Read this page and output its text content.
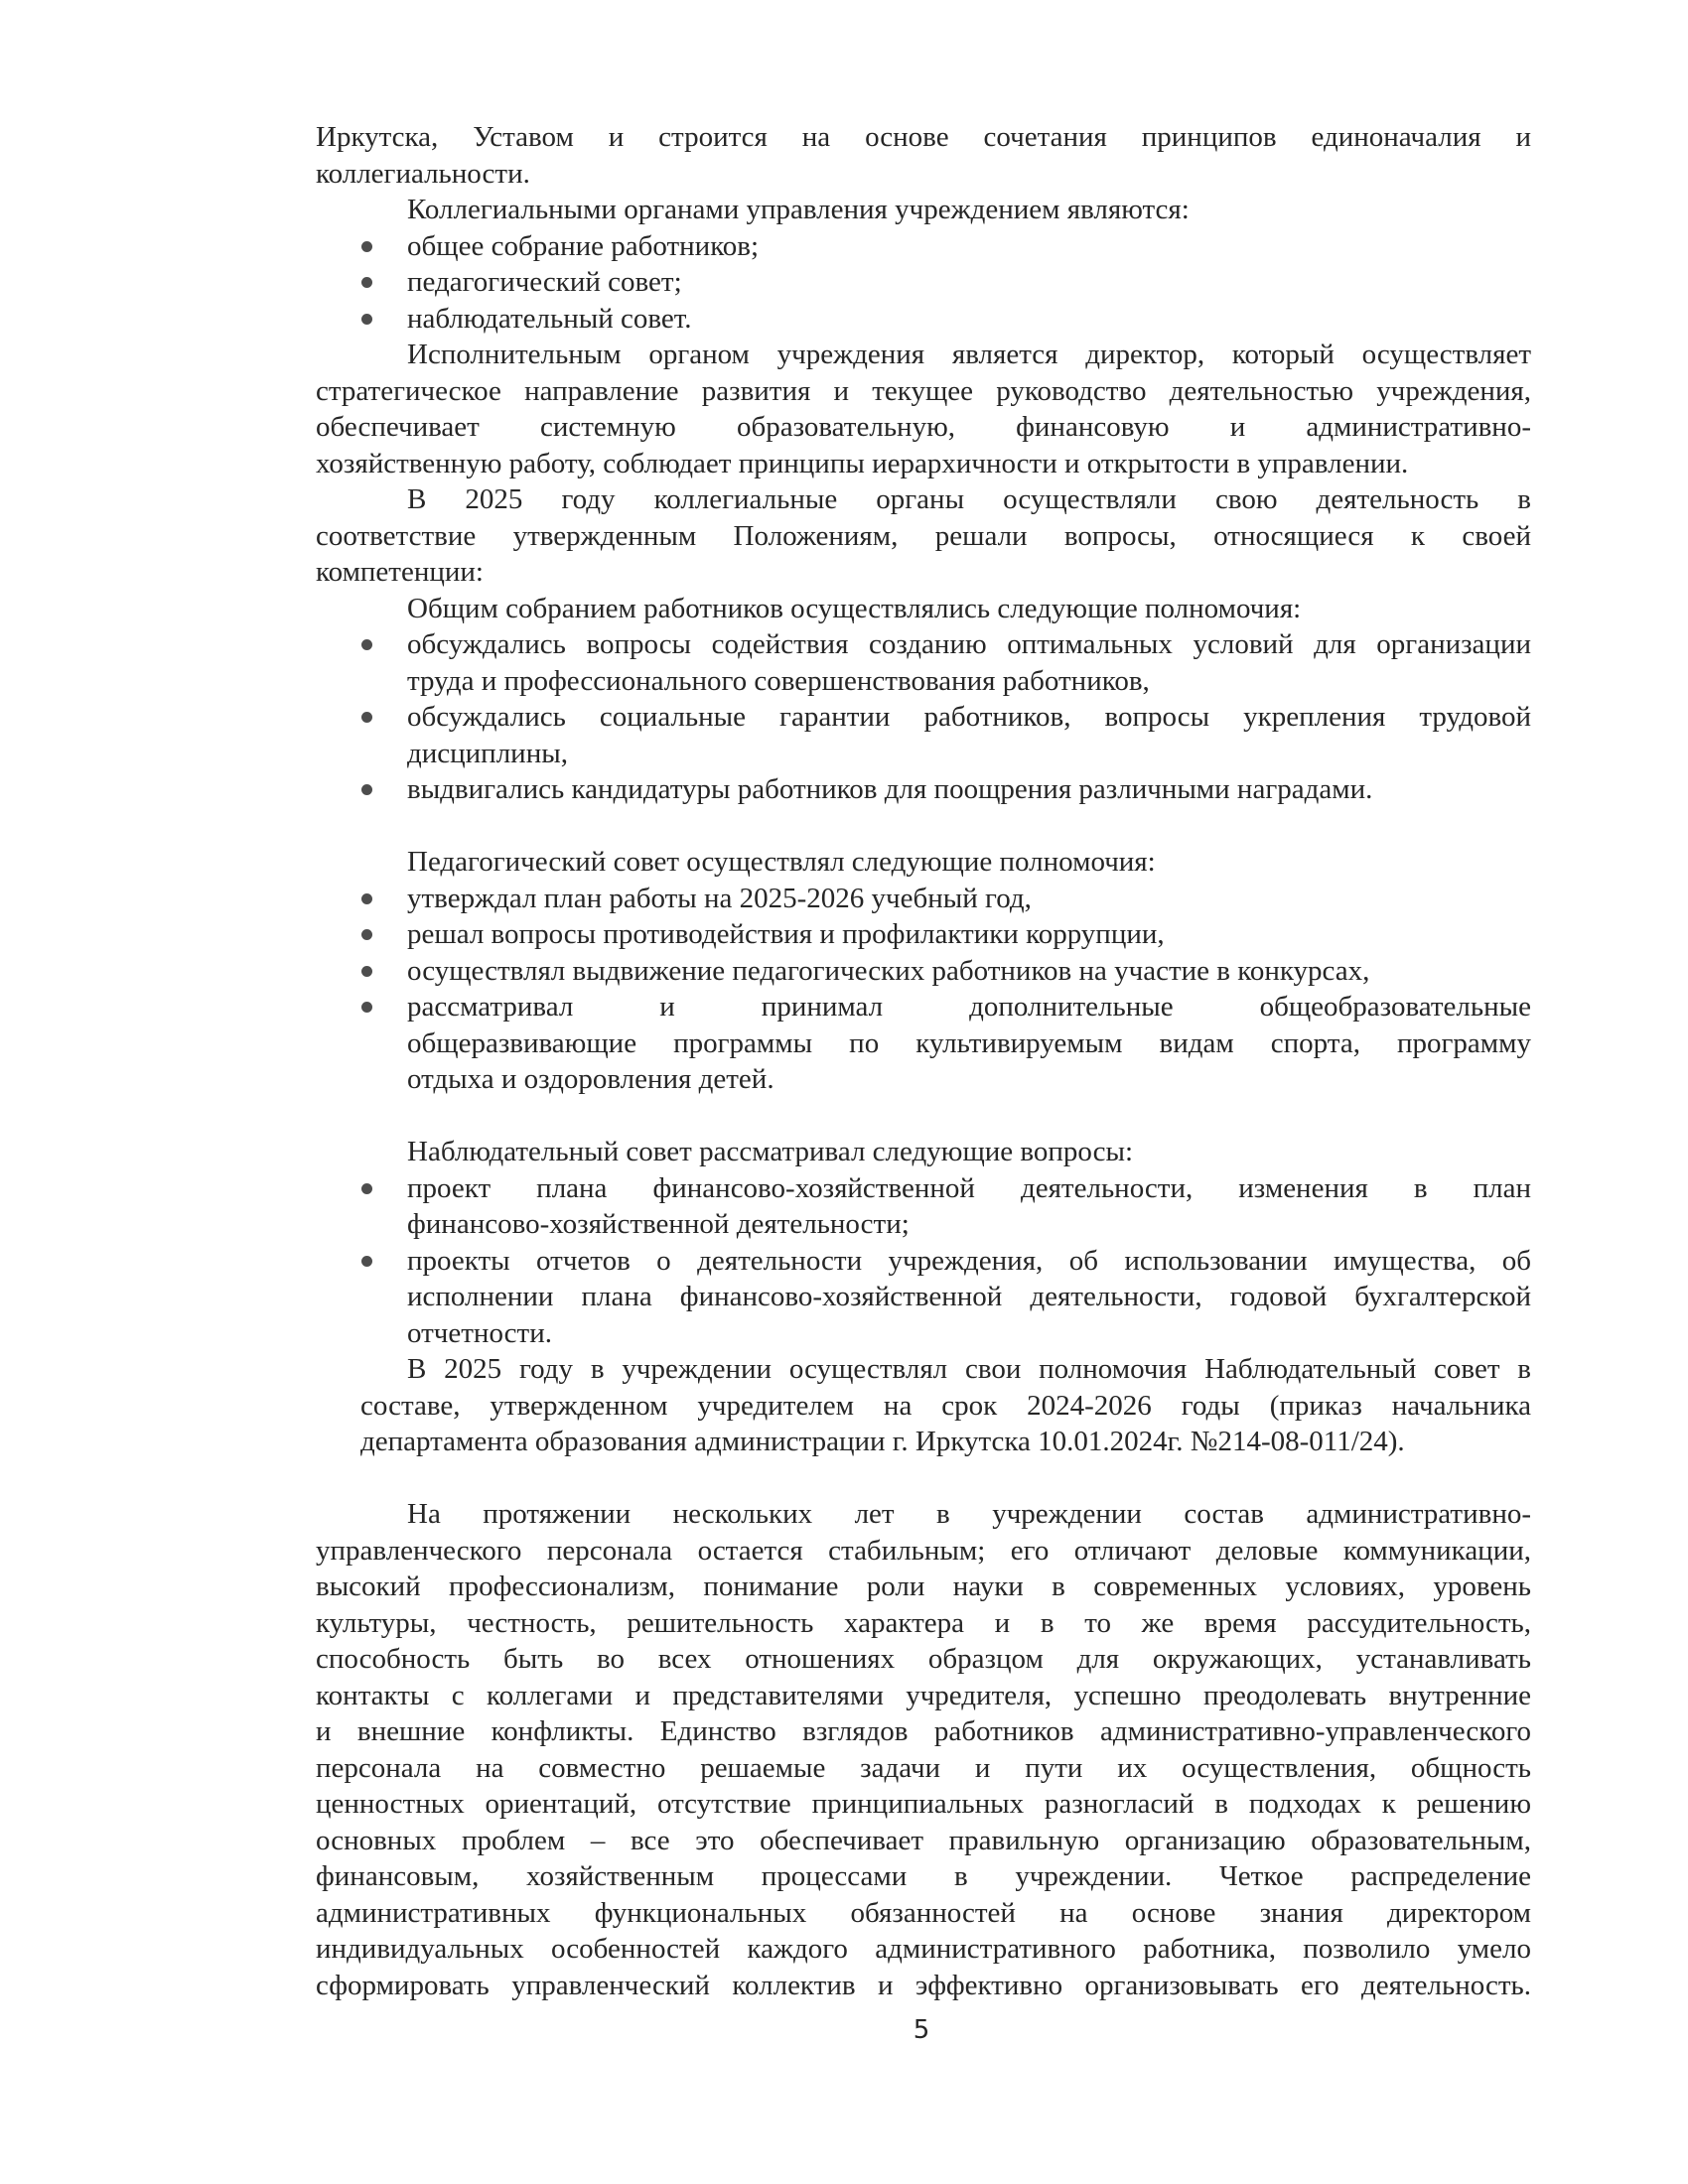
Иркутска, Уставом и строится на основе сочетания принципов единоначалия и
коллегиальности.
Коллегиальными органами управления учреждением являются:
общее собрание работников;
педагогический совет;
наблюдательный совет.
Исполнительным органом учреждения является директор, который осуществляет
стратегическое направление развития и текущее руководство деятельностью учреждения,
обеспечивает системную образовательную, финансовую и административно-
хозяйственную работу, соблюдает принципы иерархичности и открытости в управлении.
В 2025 году коллегиальные органы осуществляли свою деятельность в
соответствие утвержденным Положениям, решали вопросы, относящиеся к своей
компетенции:
Общим собранием работников осуществлялись следующие полномочия:
обсуждались вопросы содействия созданию оптимальных условий для организации
труда и профессионального совершенствования работников,
обсуждались социальные гарантии работников, вопросы укрепления трудовой
дисциплины,
выдвигались кандидатуры работников для поощрения различными наградами.
Педагогический совет осуществлял следующие полномочия:
утверждал план работы на 2025-2026 учебный год,
решал вопросы противодействия и профилактики коррупции,
осуществлял выдвижение педагогических работников на участие в конкурсах,
рассматривал и принимал дополнительные общеобразовательные
общеразвивающие программы по культивируемым видам спорта, программу
отдыха и оздоровления детей.
Наблюдательный совет рассматривал следующие вопросы:
проект плана финансово-хозяйственной деятельности, изменения в план
финансово-хозяйственной деятельности;
проекты отчетов о деятельности учреждения, об использовании имущества, об
исполнении плана финансово-хозяйственной деятельности, годовой бухгалтерской
отчетности.
В 2025 году в учреждении осуществлял свои полномочия Наблюдательный совет в
составе, утвержденном учредителем на срок 2024-2026 годы (приказ начальника
департамента образования администрации г. Иркутска 10.01.2024г. №214-08-011/24).
На протяжении нескольких лет в учреждении состав административно-
управленческого персонала остается стабильным; его отличают деловые коммуникации,
высокий профессионализм, понимание роли науки в современных условиях, уровень
культуры, честность, решительность характера и в то же время рассудительность,
способность быть во всех отношениях образцом для окружающих, устанавливать
контакты с коллегами и представителями учредителя, успешно преодолевать внутренние
и внешние конфликты. Единство взглядов работников административно-управленческого
персонала на совместно решаемые задачи и пути их осуществления, общность
ценностных ориентаций, отсутствие принципиальных разногласий в подходах к решению
основных проблем – все это обеспечивает правильную организацию образовательным,
финансовым, хозяйственным процессами в учреждении. Четкое распределение
административных функциональных обязанностей на основе знания директором
индивидуальных особенностей каждого административного работника, позволило умело
сформировать управленческий коллектив и эффективно организовывать его деятельность.
5
